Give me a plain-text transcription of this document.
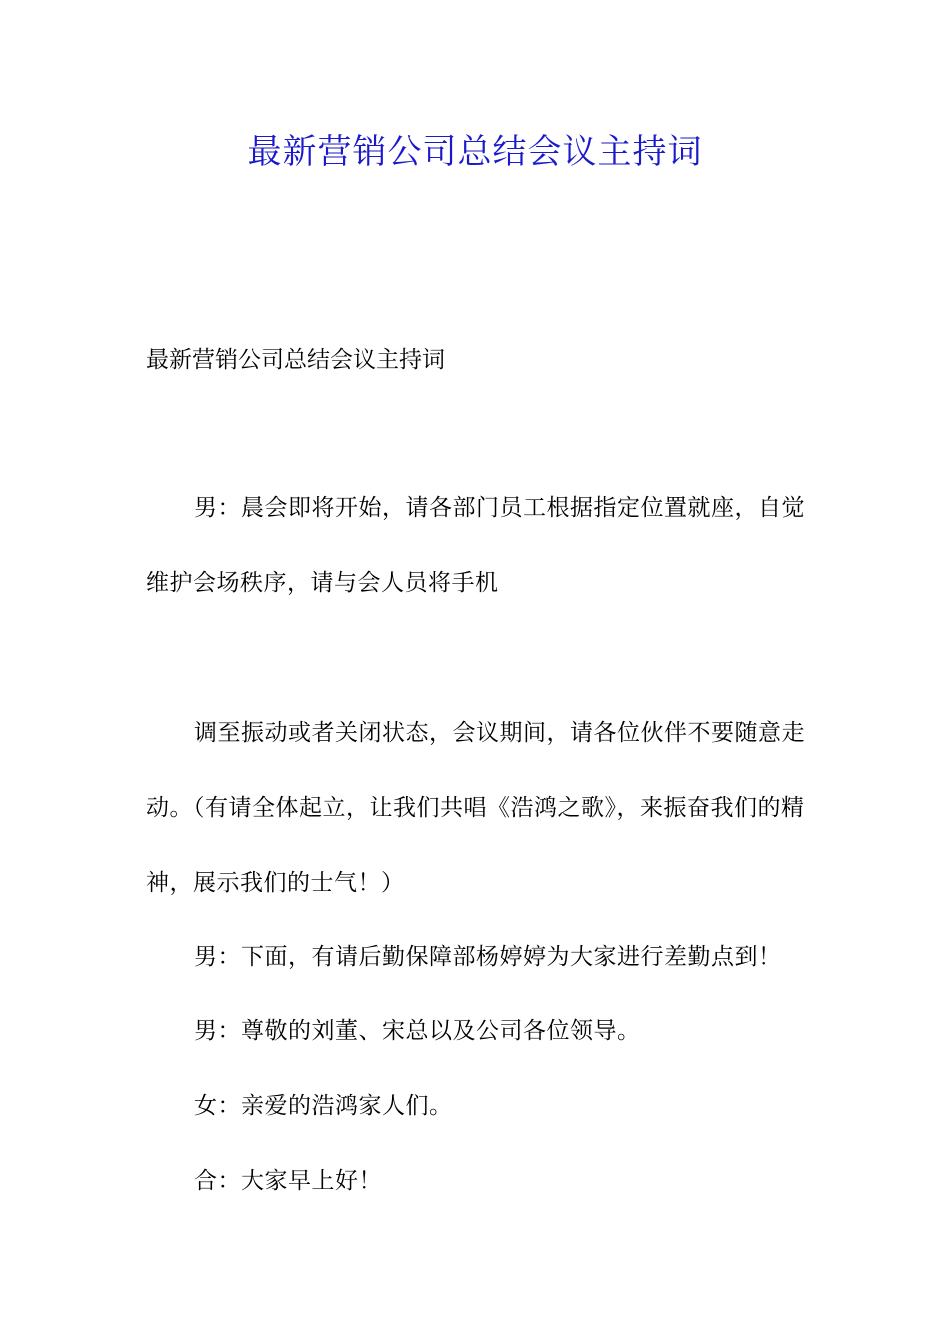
最新营销公司总结会议主持词

最新营销公司总结会议主持词

男：晨会即将开始，请各部门员工根据指定位置就座，自觉维护会场秩序，请与会人员将手机

调至振动或者关闭状态，会议期间，请各位伙伴不要随意走动。（有请全体起立，让我们共唱《浩鸿之歌》，来振奋我们的精神，展示我们的士气！）

男：下面，有请后勤保障部杨婷婷为大家进行差勤点到！

男：尊敬的刘董、宋总以及公司各位领导。

女：亲爱的浩鸿家人们。

合：大家早上好！
